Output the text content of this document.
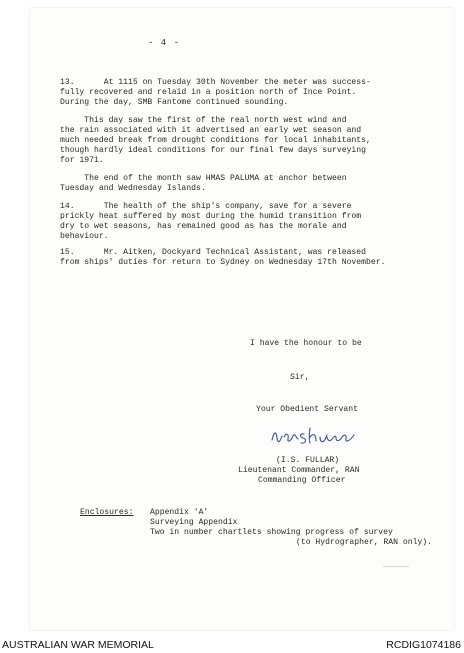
- 4 -
13.      At 1115 on Tuesday 30th November the meter was success-
fully recovered and relaid in a position north of Ince Point.
During the day, SMB Fantome continued sounding.
This day saw the first of the real north west wind and
the rain associated with it advertised an early wet season and
much needed break from drought conditions for local inhabitants,
though hardly ideal conditions for our final few days surveying
for 1971.
The end of the month saw HMAS PALUMA at anchor between
Tuesday and Wednesday Islands.
14.      The health of the ship's company, save for a severe
prickly heat suffered by most during the humid transition from
dry to wet seasons, has remained good as has the morale and
behaviour.
15.      Mr. Aitken, Dockyard Technical Assistant, was released
from ships' duties for return to Sydney on Wednesday 17th November.
I have the honour to be
Sir,
Your Obedient Servant
(I.S. FULLAR)
Lieutenant Commander, RAN
Commanding Officer
Enclosures: Appendix 'A'
Surveying Appendix
Two in number chartlets showing progress of survey
(to Hydrographer, RAN only).
AUSTRALIAN WAR MEMORIAL	RCDIG1074186
